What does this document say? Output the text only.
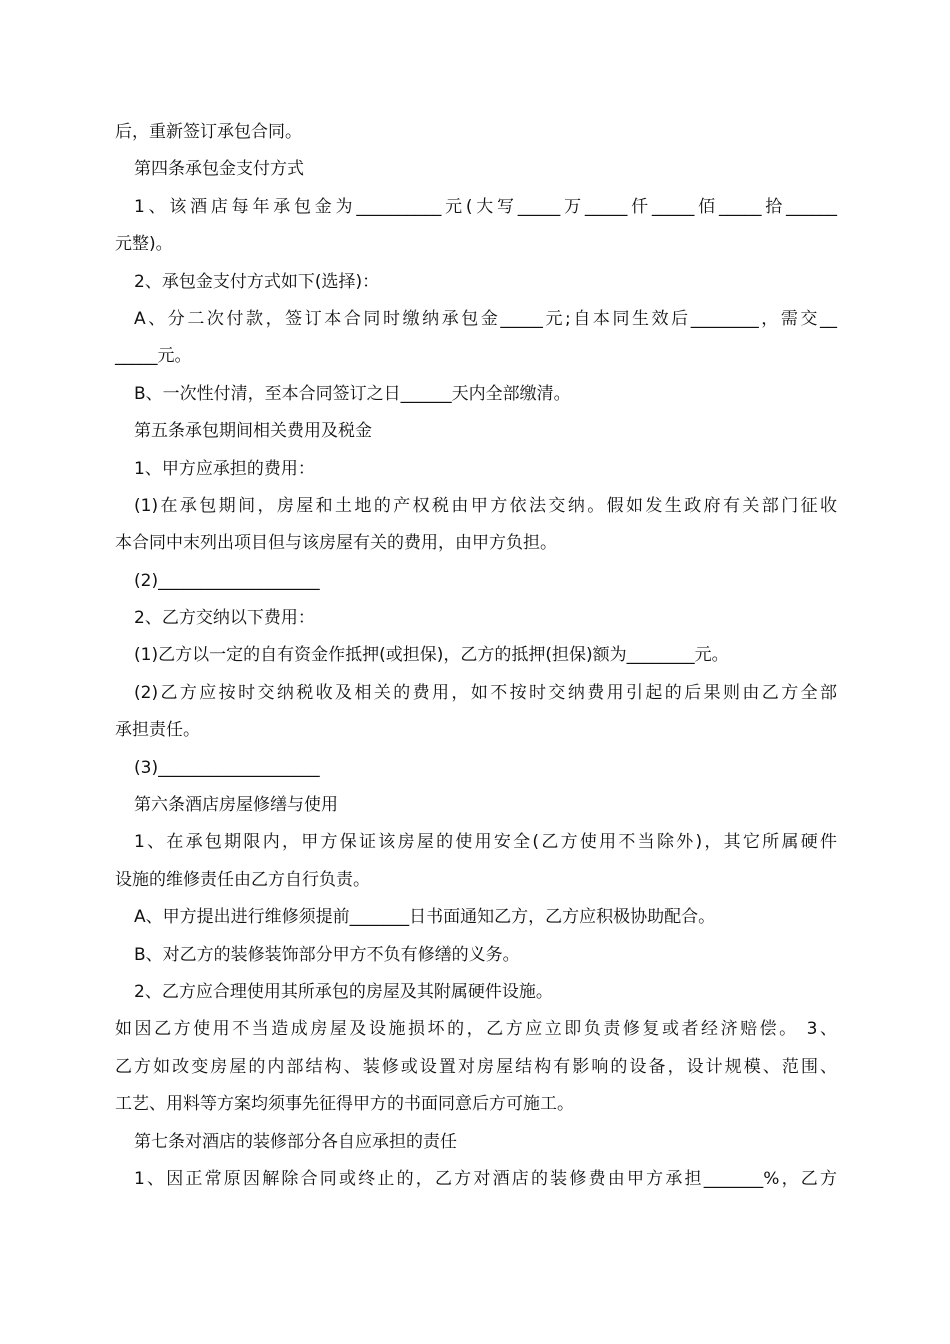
后，重新签订承包合同。
第四条承包金支付方式
1、该酒店每年承包金为__________元(大写_____万_____仟_____佰_____拾______
元整)。
2、承包金支付方式如下(选择)：
A、分二次付款，签订本合同时缴纳承包金_____元;自本同生效后________，需交__
_____元。
B、一次性付清，至本合同签订之日______天内全部缴清。
第五条承包期间相关费用及税金
1、甲方应承担的费用：
(1)在承包期间，房屋和土地的产权税由甲方依法交纳。假如发生政府有关部门征收
本合同中末列出项目但与该房屋有关的费用，由甲方负担。
(2)___________________
2、乙方交纳以下费用：
(1)乙方以一定的自有资金作抵押(或担保)，乙方的抵押(担保)额为________元。
(2)乙方应按时交纳税收及相关的费用，如不按时交纳费用引起的后果则由乙方全部
承担责任。
(3)___________________
第六条酒店房屋修缮与使用
1、在承包期限内，甲方保证该房屋的使用安全(乙方使用不当除外)，其它所属硬件
设施的维修责任由乙方自行负责。
A、甲方提出进行维修须提前_______日书面通知乙方，乙方应积极协助配合。
B、对乙方的装修装饰部分甲方不负有修缮的义务。
2、乙方应合理使用其所承包的房屋及其附属硬件设施。
如因乙方使用不当造成房屋及设施损坏的，乙方应立即负责修复或者经济赔偿。 3、
乙方如改变房屋的内部结构、装修或设置对房屋结构有影响的设备，设计规模、范围、
工艺、用料等方案均须事先征得甲方的书面同意后方可施工。
第七条对酒店的装修部分各自应承担的责任
1、因正常原因解除合同或终止的，乙方对酒店的装修费由甲方承担_______%，乙方
